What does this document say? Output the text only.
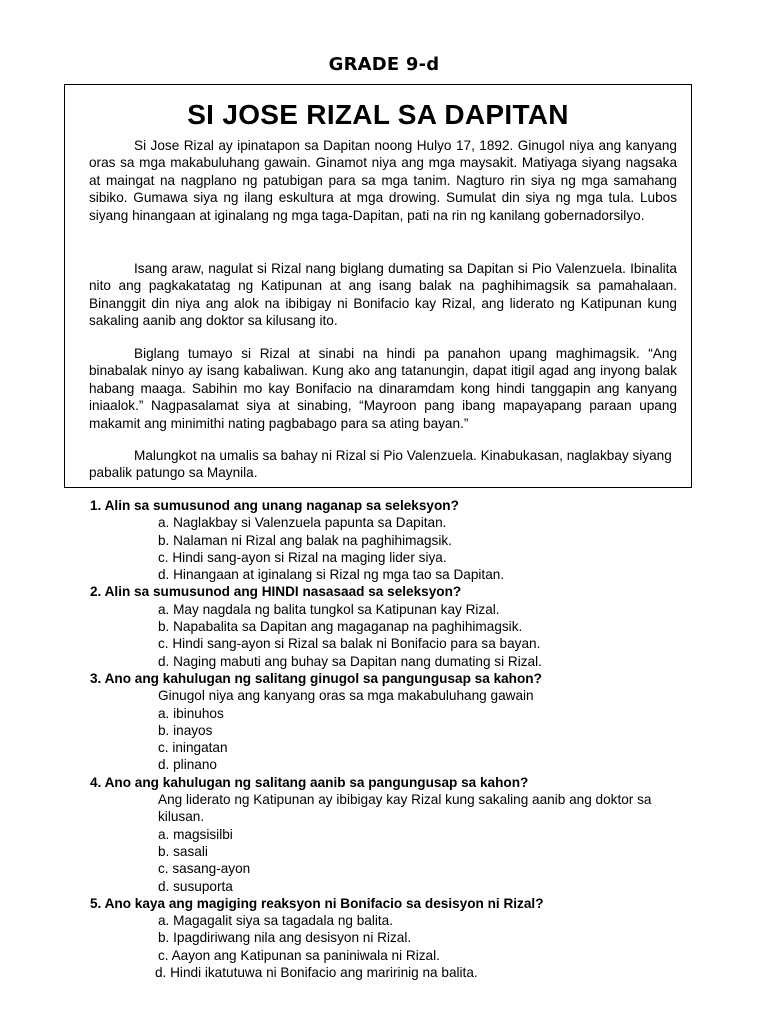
GRADE 9-d
SI JOSE RIZAL SA DAPITAN

Si Jose Rizal ay ipinatapon sa Dapitan noong Hulyo 17, 1892. Ginugol niya ang kanyang oras sa mga makabuluhang gawain. Ginamot niya ang mga maysakit. Matiyaga siyang nagsaka at maingat na nagplano ng patubigan para sa mga tanim. Nagturo rin siya ng mga samahang sibiko. Gumawa siya ng ilang eskultura at mga drowing. Sumulat din siya ng mga tula. Lubos siyang hinangaan at iginalang ng mga taga-Dapitan, pati na rin ng kanilang gobernadorsilyo.

Isang araw, nagulat si Rizal nang biglang dumating sa Dapitan si Pio Valenzuela. Ibinalita nito ang pagkakatatag ng Katipunan at ang isang balak na paghihimagsik sa pamahalaan. Binanggit din niya ang alok na ibibigay ni Bonifacio kay Rizal, ang liderato ng Katipunan kung sakaling aanib ang doktor sa kilusang ito.

Biglang tumayo si Rizal at sinabi na hindi pa panahon upang maghimagsik. “Ang binabalak ninyo ay isang kabaliwan. Kung ako ang tatanungin, dapat itigil agad ang inyong balak habang maaga. Sabihin mo kay Bonifacio na dinaramdam kong hindi tanggapin ang kanyang iniaalok.” Nagpasalamat siya at sinabing, “Mayroon pang ibang mapayapang paraan upang makamit ang minimithi nating pagbabago para sa ating bayan.”

Malungkot na umalis sa bahay ni Rizal si Pio Valenzuela. Kinabukasan, naglakbay siyang pabalik patungo sa Maynila.

1. Alin sa sumusunod ang unang naganap sa seleksyon?
a. Naglakbay si Valenzuela papunta sa Dapitan.
b. Nalaman ni Rizal ang balak na paghihimagsik.
c. Hindi sang-ayon si Rizal na maging lider siya.
d. Hinangaan at iginalang si Rizal ng mga tao sa Dapitan.
2. Alin sa sumusunod ang HINDI nasasaad sa seleksyon?
a. May nagdala ng balita tungkol sa Katipunan kay Rizal.
b. Napabalita sa Dapitan ang magaganap na paghihimagsik.
c. Hindi sang-ayon si Rizal sa balak ni Bonifacio para sa bayan.
d. Naging mabuti ang buhay sa Dapitan nang dumating si Rizal.
3. Ano ang kahulugan ng salitang ginugol sa pangungusap sa kahon?
Ginugol niya ang kanyang oras sa mga makabuluhang gawain
a. ibinuhos
b. inayos
c. iningatan
d. plinano
4. Ano ang kahulugan ng salitang aanib sa pangungusap sa kahon?
Ang liderato ng Katipunan ay ibibigay kay Rizal kung sakaling aanib ang doktor sa kilusan.
a. magsisilbi
b. sasali
c. sasang-ayon
d. susuporta
5. Ano kaya ang magiging reaksyon ni Bonifacio sa desisyon ni Rizal?
a. Magagalit siya sa tagadala ng balita.
b. Ipagdiriwang nila ang desisyon ni Rizal.
c. Aayon ang Katipunan sa paniniwala ni Rizal.
d. Hindi ikatutuwa ni Bonifacio ang maririnig na balita.
